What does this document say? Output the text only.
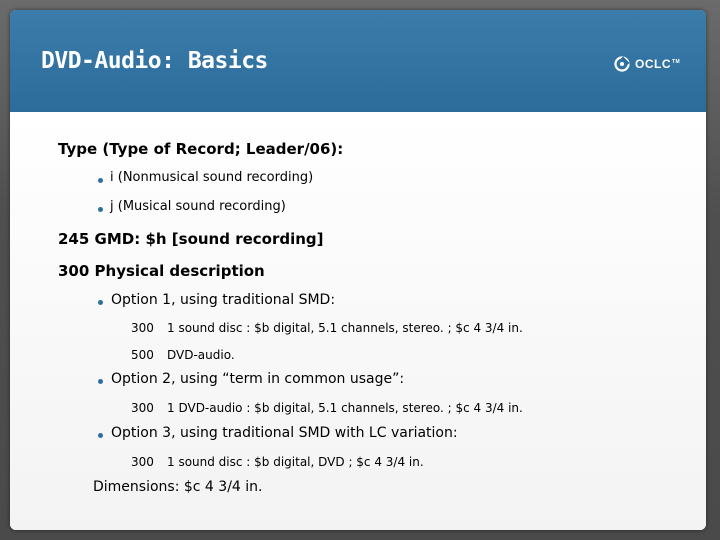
DVD-Audio: Basics	OCLC™
Type (Type of Record; Leader/06):
i (Nonmusical sound recording)
j (Musical sound recording)
245 GMD: $h [sound recording]
300 Physical description
Option 1, using traditional SMD:
300 1 sound disc : $b digital, 5.1 channels, stereo. ; $c 4 3/4 in.
500 DVD-audio.
Option 2, using “term in common usage”:
300 1 DVD-audio : $b digital, 5.1 channels, stereo. ; $c 4 3/4 in.
Option 3, using traditional SMD with LC variation:
300 1 sound disc : $b digital, DVD ; $c 4 3/4 in.
Dimensions: $c 4 3/4 in.
